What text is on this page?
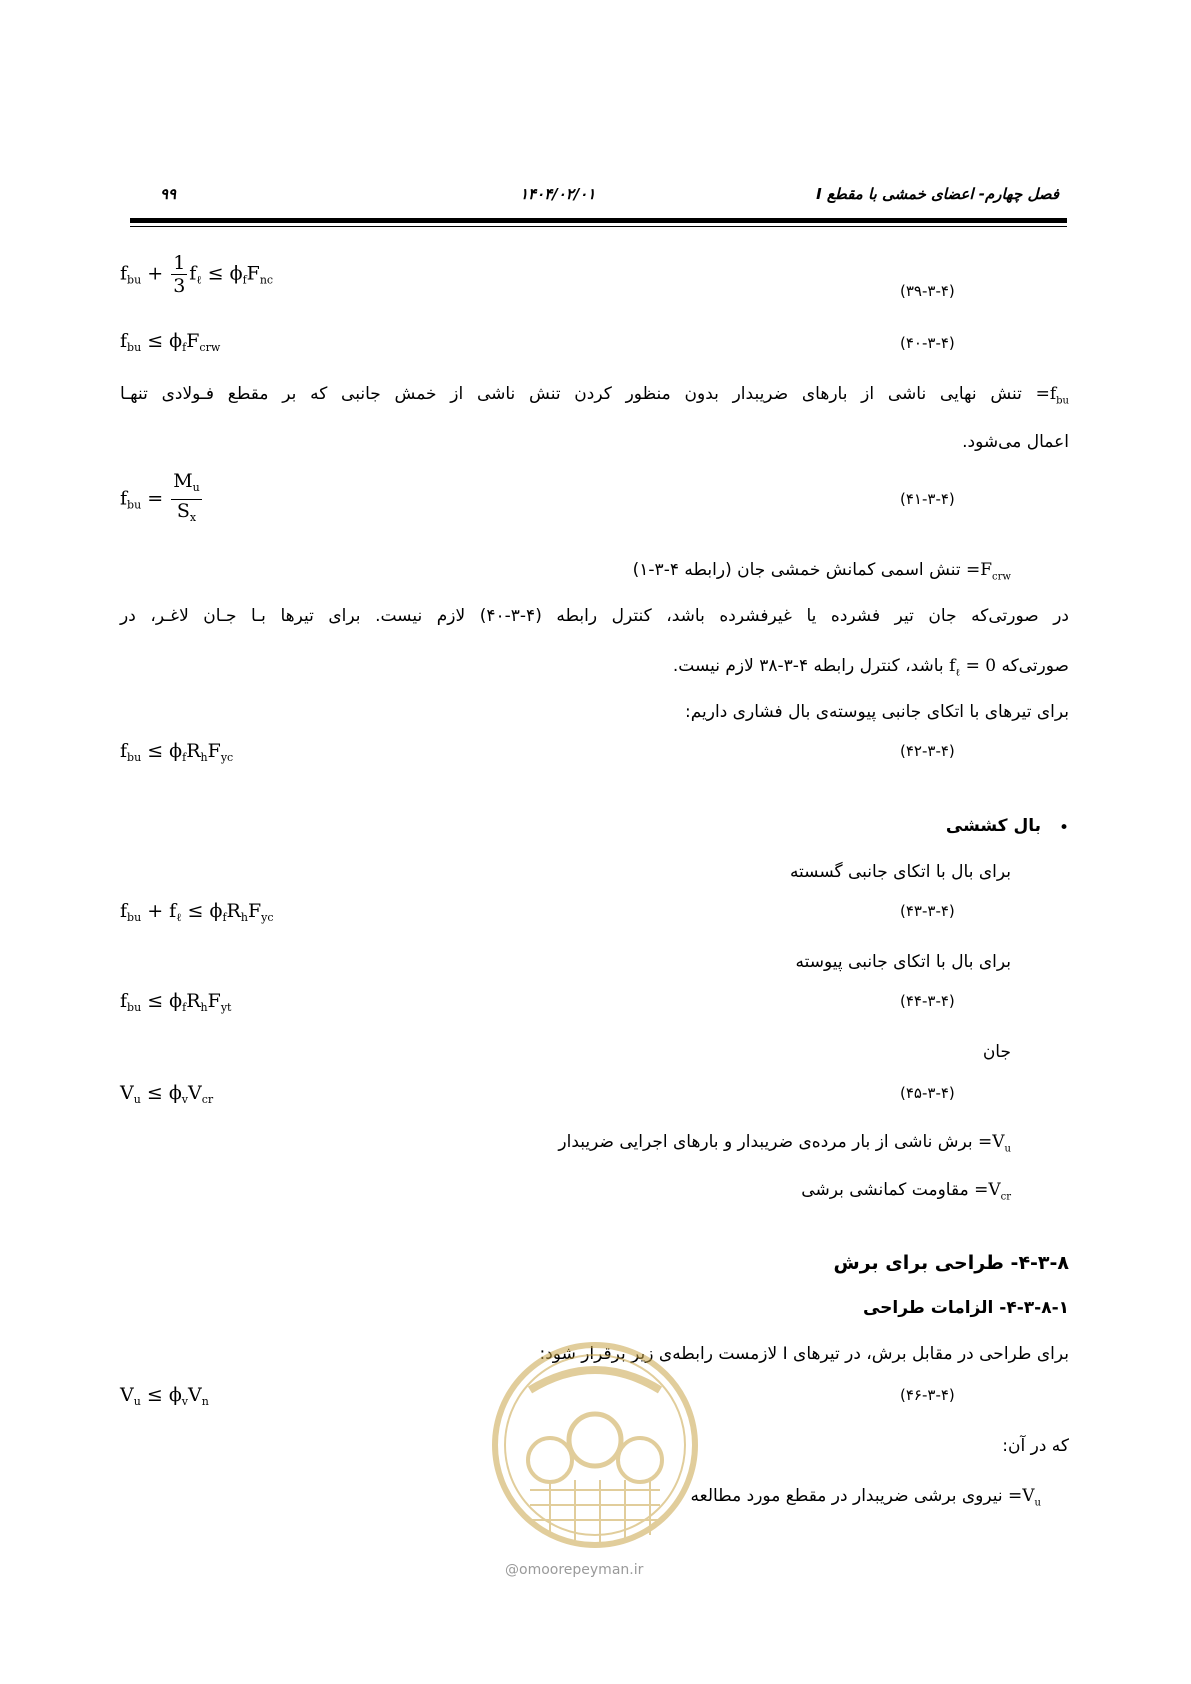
فصل چهارم- اعضای خمشی با مقطع I
۱۴۰۴/۰۲/۰۱
۹۹
$f_{bu} + \frac{1}{3} f_\ell \le \phi_fF_{nc}$
(۳۹-۳-۴)
$f_{bu} \le \phi_fF_{crw}$	(۴۰-۳-۴)
$f_{bu}=$ تنش نهایی ناشی از بارهای ضریبدار بدون منظور کردن تنش ناشی از خمش جانبی که بر مقطع فـولادی تنهـا
اعمال می‌شود.
$f_{bu} = \frac{M_u}{S_x}$	(۴۱-۳-۴)
$F_{crw}=$ تنش اسمی کمانش خمشی جان (رابطه ۴-۳-۱)
در صورتی‌که جان تیر فشرده یا غیرفشرده باشد، کنترل رابطه (۴-۳-۴۰) لازم نیست. برای تیرها بـا جـان لاغـر، در
صورتی‌که $f_\ell = 0$ باشد، کنترل رابطه ۴-۳-۳۸ لازم نیست.
برای تیرهای با اتکای جانبی پیوسته‌ی بال فشاری داریم:
$f_{bu} \le \phi_fR_hF_{yc}$	(۴۲-۳-۴)
•
بال کششی
برای بال با اتکای جانبی گسسته
$f_{bu} + f_\ell \le \phi_fR_hF_{yc}$	(۴۳-۳-۴)
برای بال با اتکای جانبی پیوسته
$f_{bu} \le \phi_fR_hF_{yt}$	(۴۴-۳-۴)
جان
$V_u \le \phi_vV_{cr}$	(۴۵-۳-۴)
$V_u=$ برش ناشی از بار مرده‌ی ضریبدار و بارهای اجرایی ضریبدار
$V_{cr}=$ مقاومت کمانشی برشی
۴-۳-۸- طراحی برای برش
۴-۳-۸-۱- الزامات طراحی
برای طراحی در مقابل برش، در تیرهای I لازمست رابطه‌ی زیر برقرار شود:
$V_u \le \phi_vV_n$	(۴۶-۳-۴)
که در آن:
$V_u=$ نیروی برشی ضریبدار در مقطع مورد مطالعه
@omoorepeyman.ir
